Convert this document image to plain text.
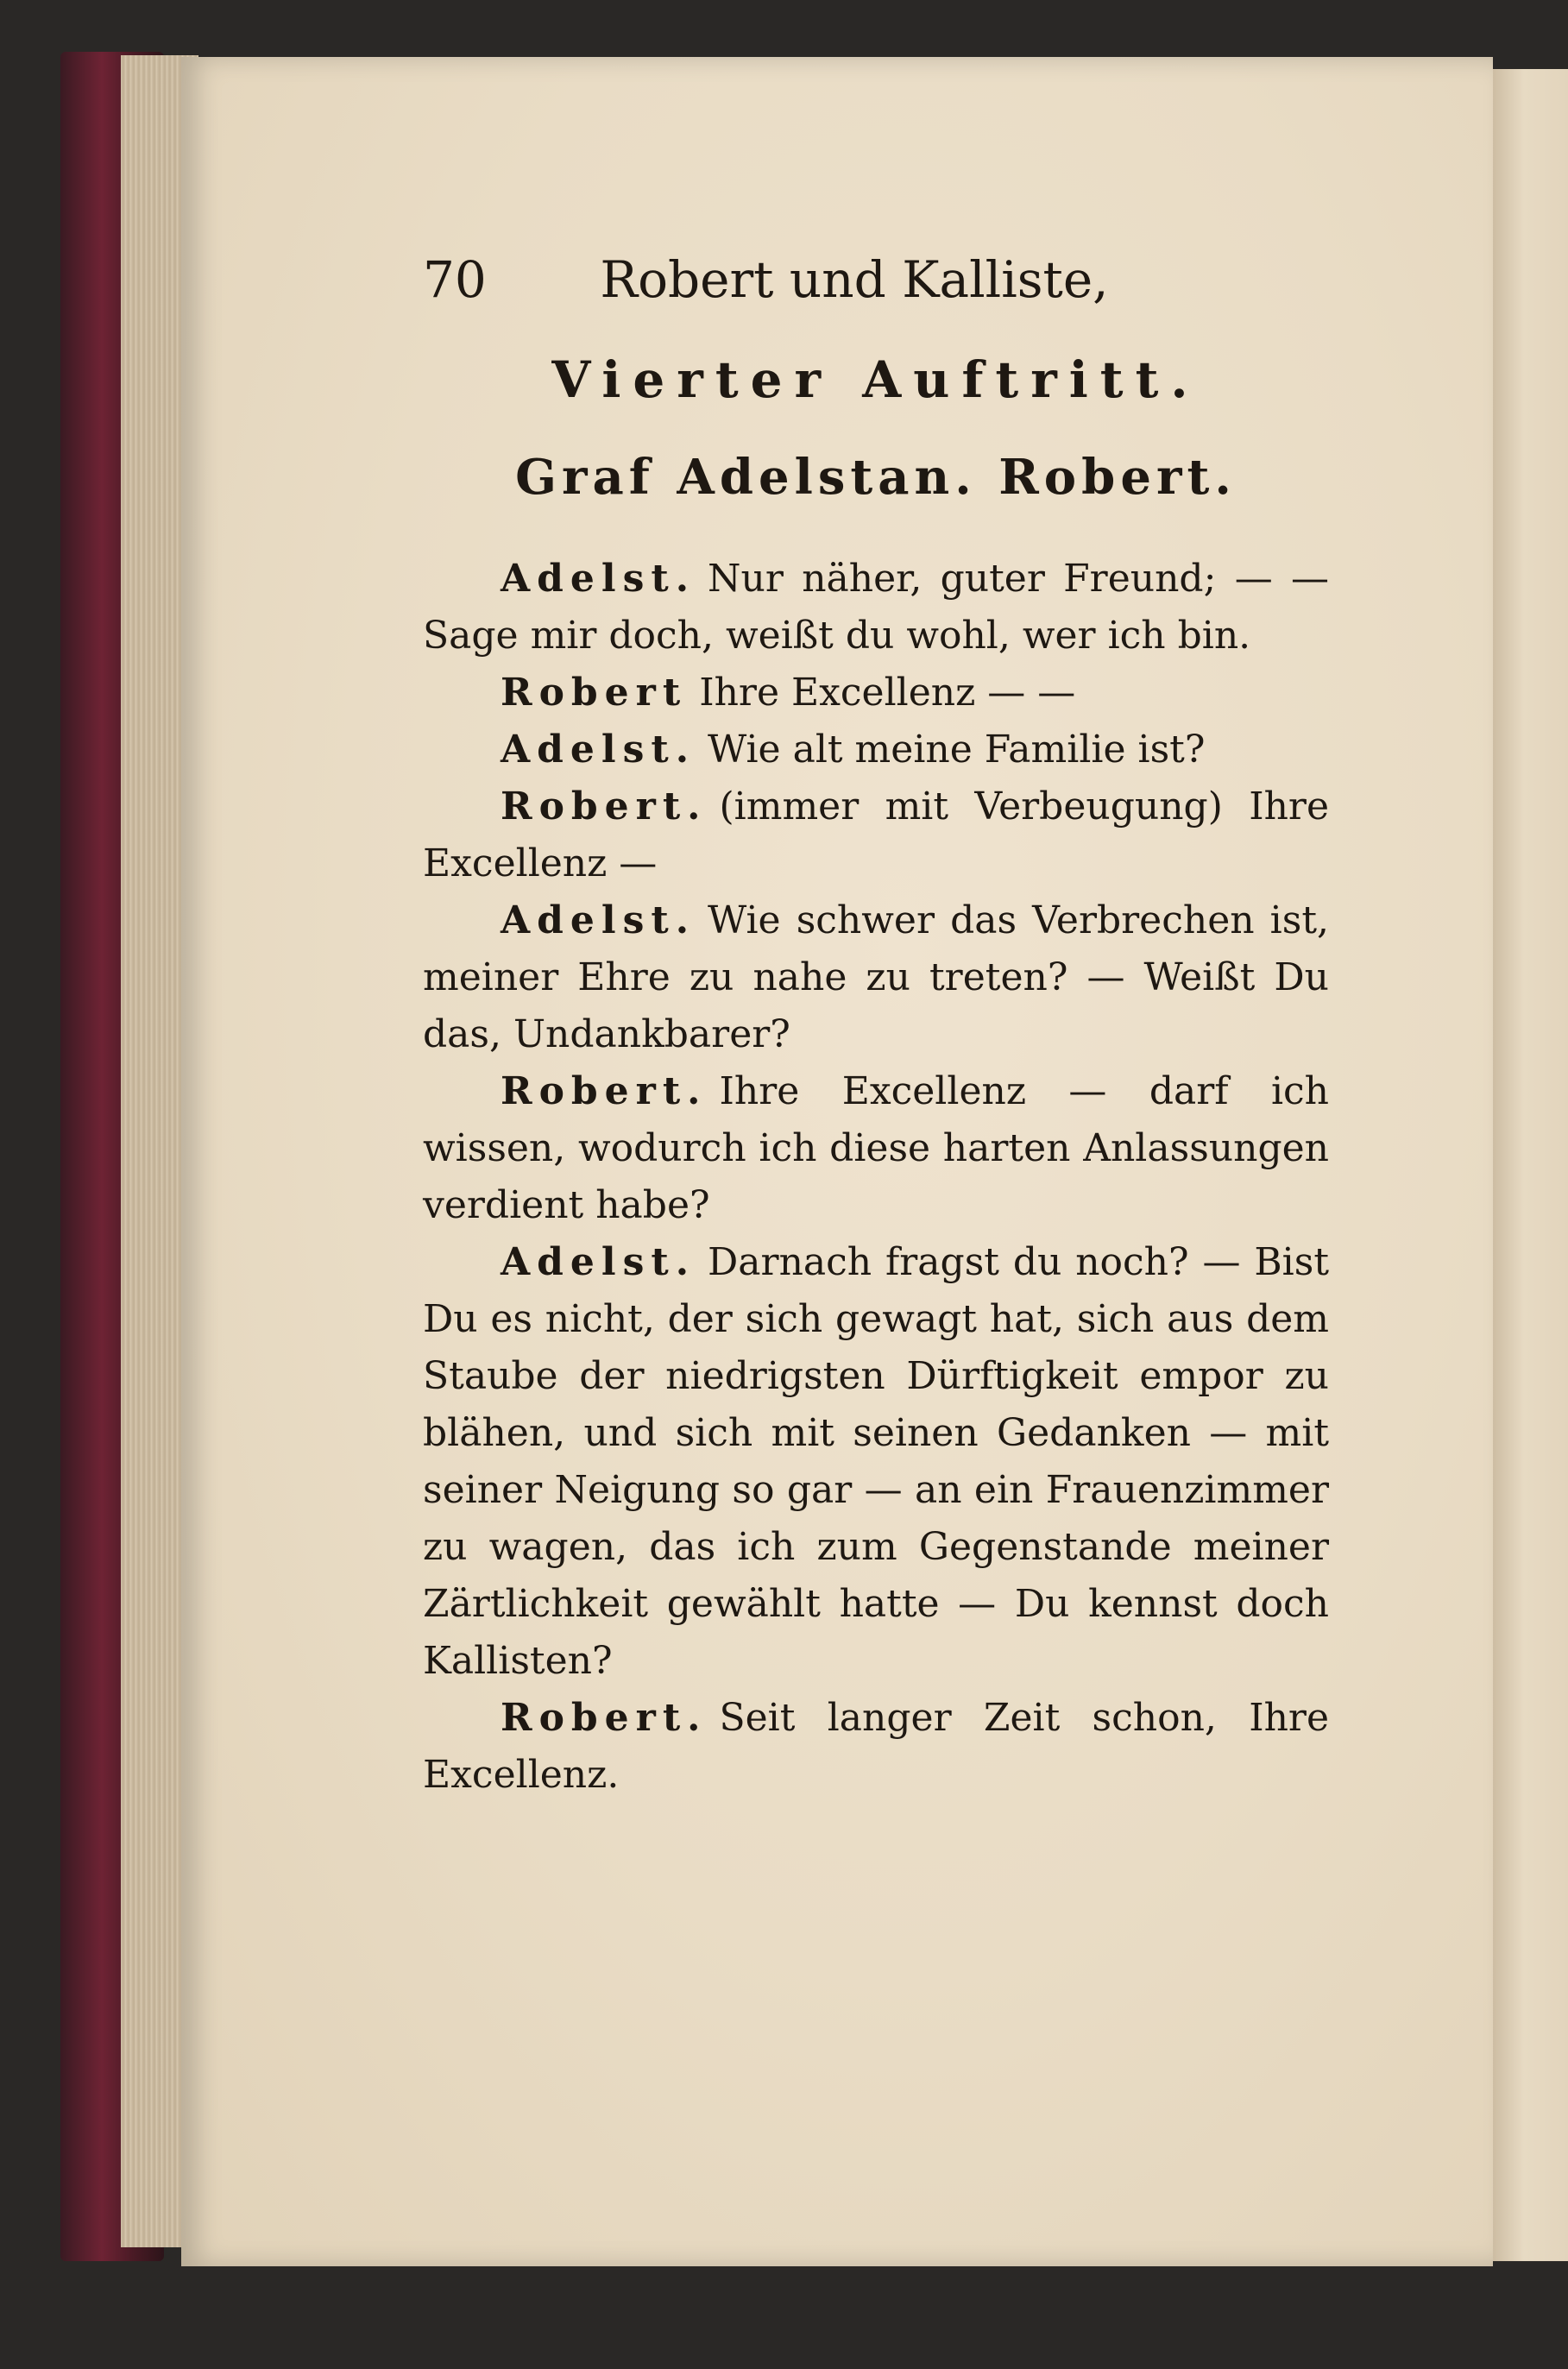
70	Robert und Kalliste,
Vierter Auftritt.
Graf Adelstan. Robert.

Adelst. Nur näher, guter Freund; — — Sage mir doch, weißt du wohl, wer ich bin.

Robert Ihre Excellenz — —

Adelst. Wie alt meine Familie ist?

Robert. (immer mit Verbeugung) Ihre Excellenz —

Adelst. Wie schwer das Verbrechen ist, meiner Ehre zu nahe zu treten? — Weißt Du das, Undankbarer?

Robert. Ihre Excellenz — darf ich wissen, wodurch ich diese harten Anlassungen verdient habe?

Adelst. Darnach fragst du noch? — Bist Du es nicht, der sich gewagt hat, sich aus dem Staube der niedrigsten Dürftigkeit empor zu blähen, und sich mit seinen Gedanken — mit seiner Neigung so gar — an ein Frauenzimmer zu wagen, das ich zum Gegenstande meiner Zärtlichkeit gewählt hatte — Du kennst doch Kallisten?

Robert. Seit langer Zeit schon, Ihre Excellenz.
